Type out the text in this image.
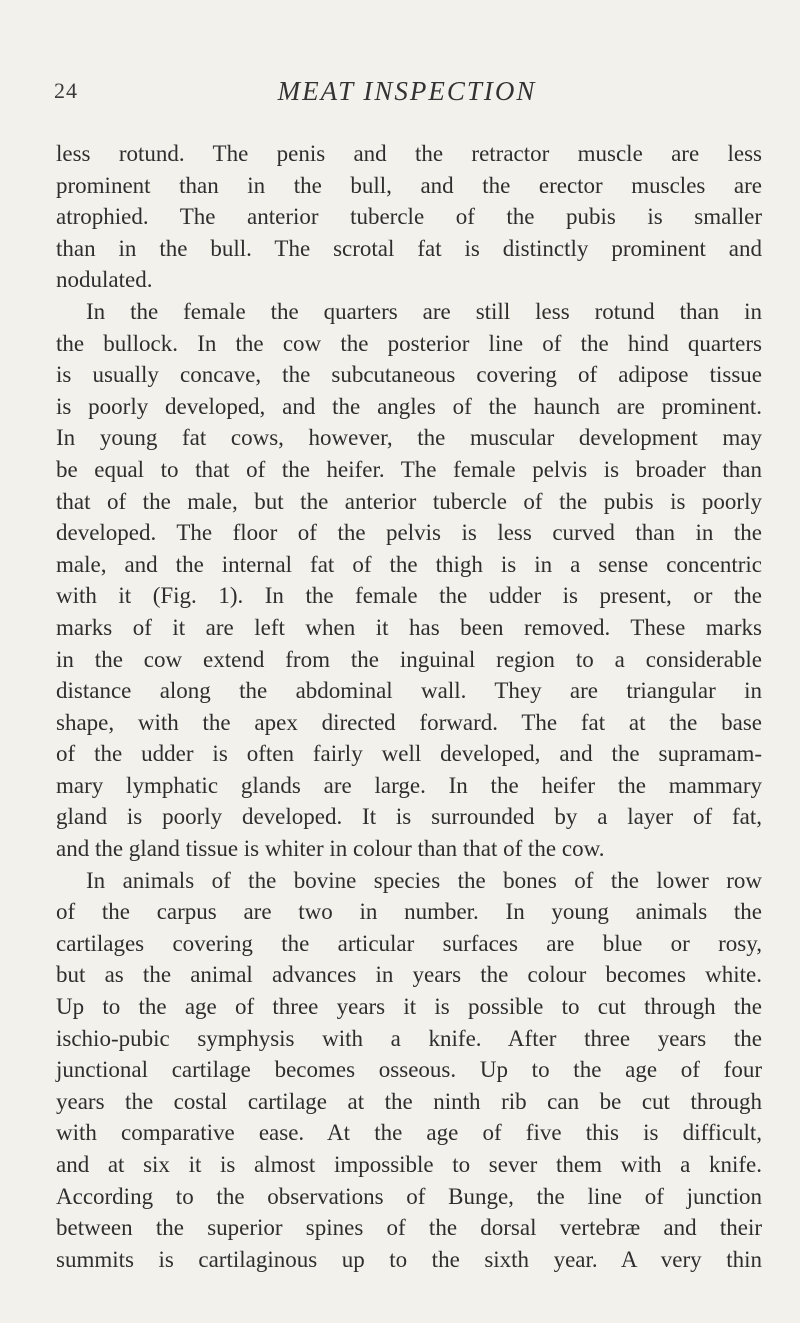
24	MEAT INSPECTION
less rotund. The penis and the retractor muscle are less
prominent than in the bull, and the erector muscles are
atrophied. The anterior tubercle of the pubis is smaller
than in the bull. The scrotal fat is distinctly prominent and
nodulated.
In the female the quarters are still less rotund than in
the bullock. In the cow the posterior line of the hind quarters
is usually concave, the subcutaneous covering of adipose tissue
is poorly developed, and the angles of the haunch are prominent.
In young fat cows, however, the muscular development may
be equal to that of the heifer. The female pelvis is broader than
that of the male, but the anterior tubercle of the pubis is poorly
developed. The floor of the pelvis is less curved than in the
male, and the internal fat of the thigh is in a sense concentric
with it (Fig. 1). In the female the udder is present, or the
marks of it are left when it has been removed. These marks
in the cow extend from the inguinal region to a considerable
distance along the abdominal wall. They are triangular in
shape, with the apex directed forward. The fat at the base
of the udder is often fairly well developed, and the supramam-
mary lymphatic glands are large. In the heifer the mammary
gland is poorly developed. It is surrounded by a layer of fat,
and the gland tissue is whiter in colour than that of the cow.
In animals of the bovine species the bones of the lower row
of the carpus are two in number. In young animals the
cartilages covering the articular surfaces are blue or rosy,
but as the animal advances in years the colour becomes white.
Up to the age of three years it is possible to cut through the
ischio-pubic symphysis with a knife. After three years the
junctional cartilage becomes osseous. Up to the age of four
years the costal cartilage at the ninth rib can be cut through
with comparative ease. At the age of five this is difficult,
and at six it is almost impossible to sever them with a knife.
According to the observations of Bunge, the line of junction
between the superior spines of the dorsal vertebræ and their
summits is cartilaginous up to the sixth year. A very thin
